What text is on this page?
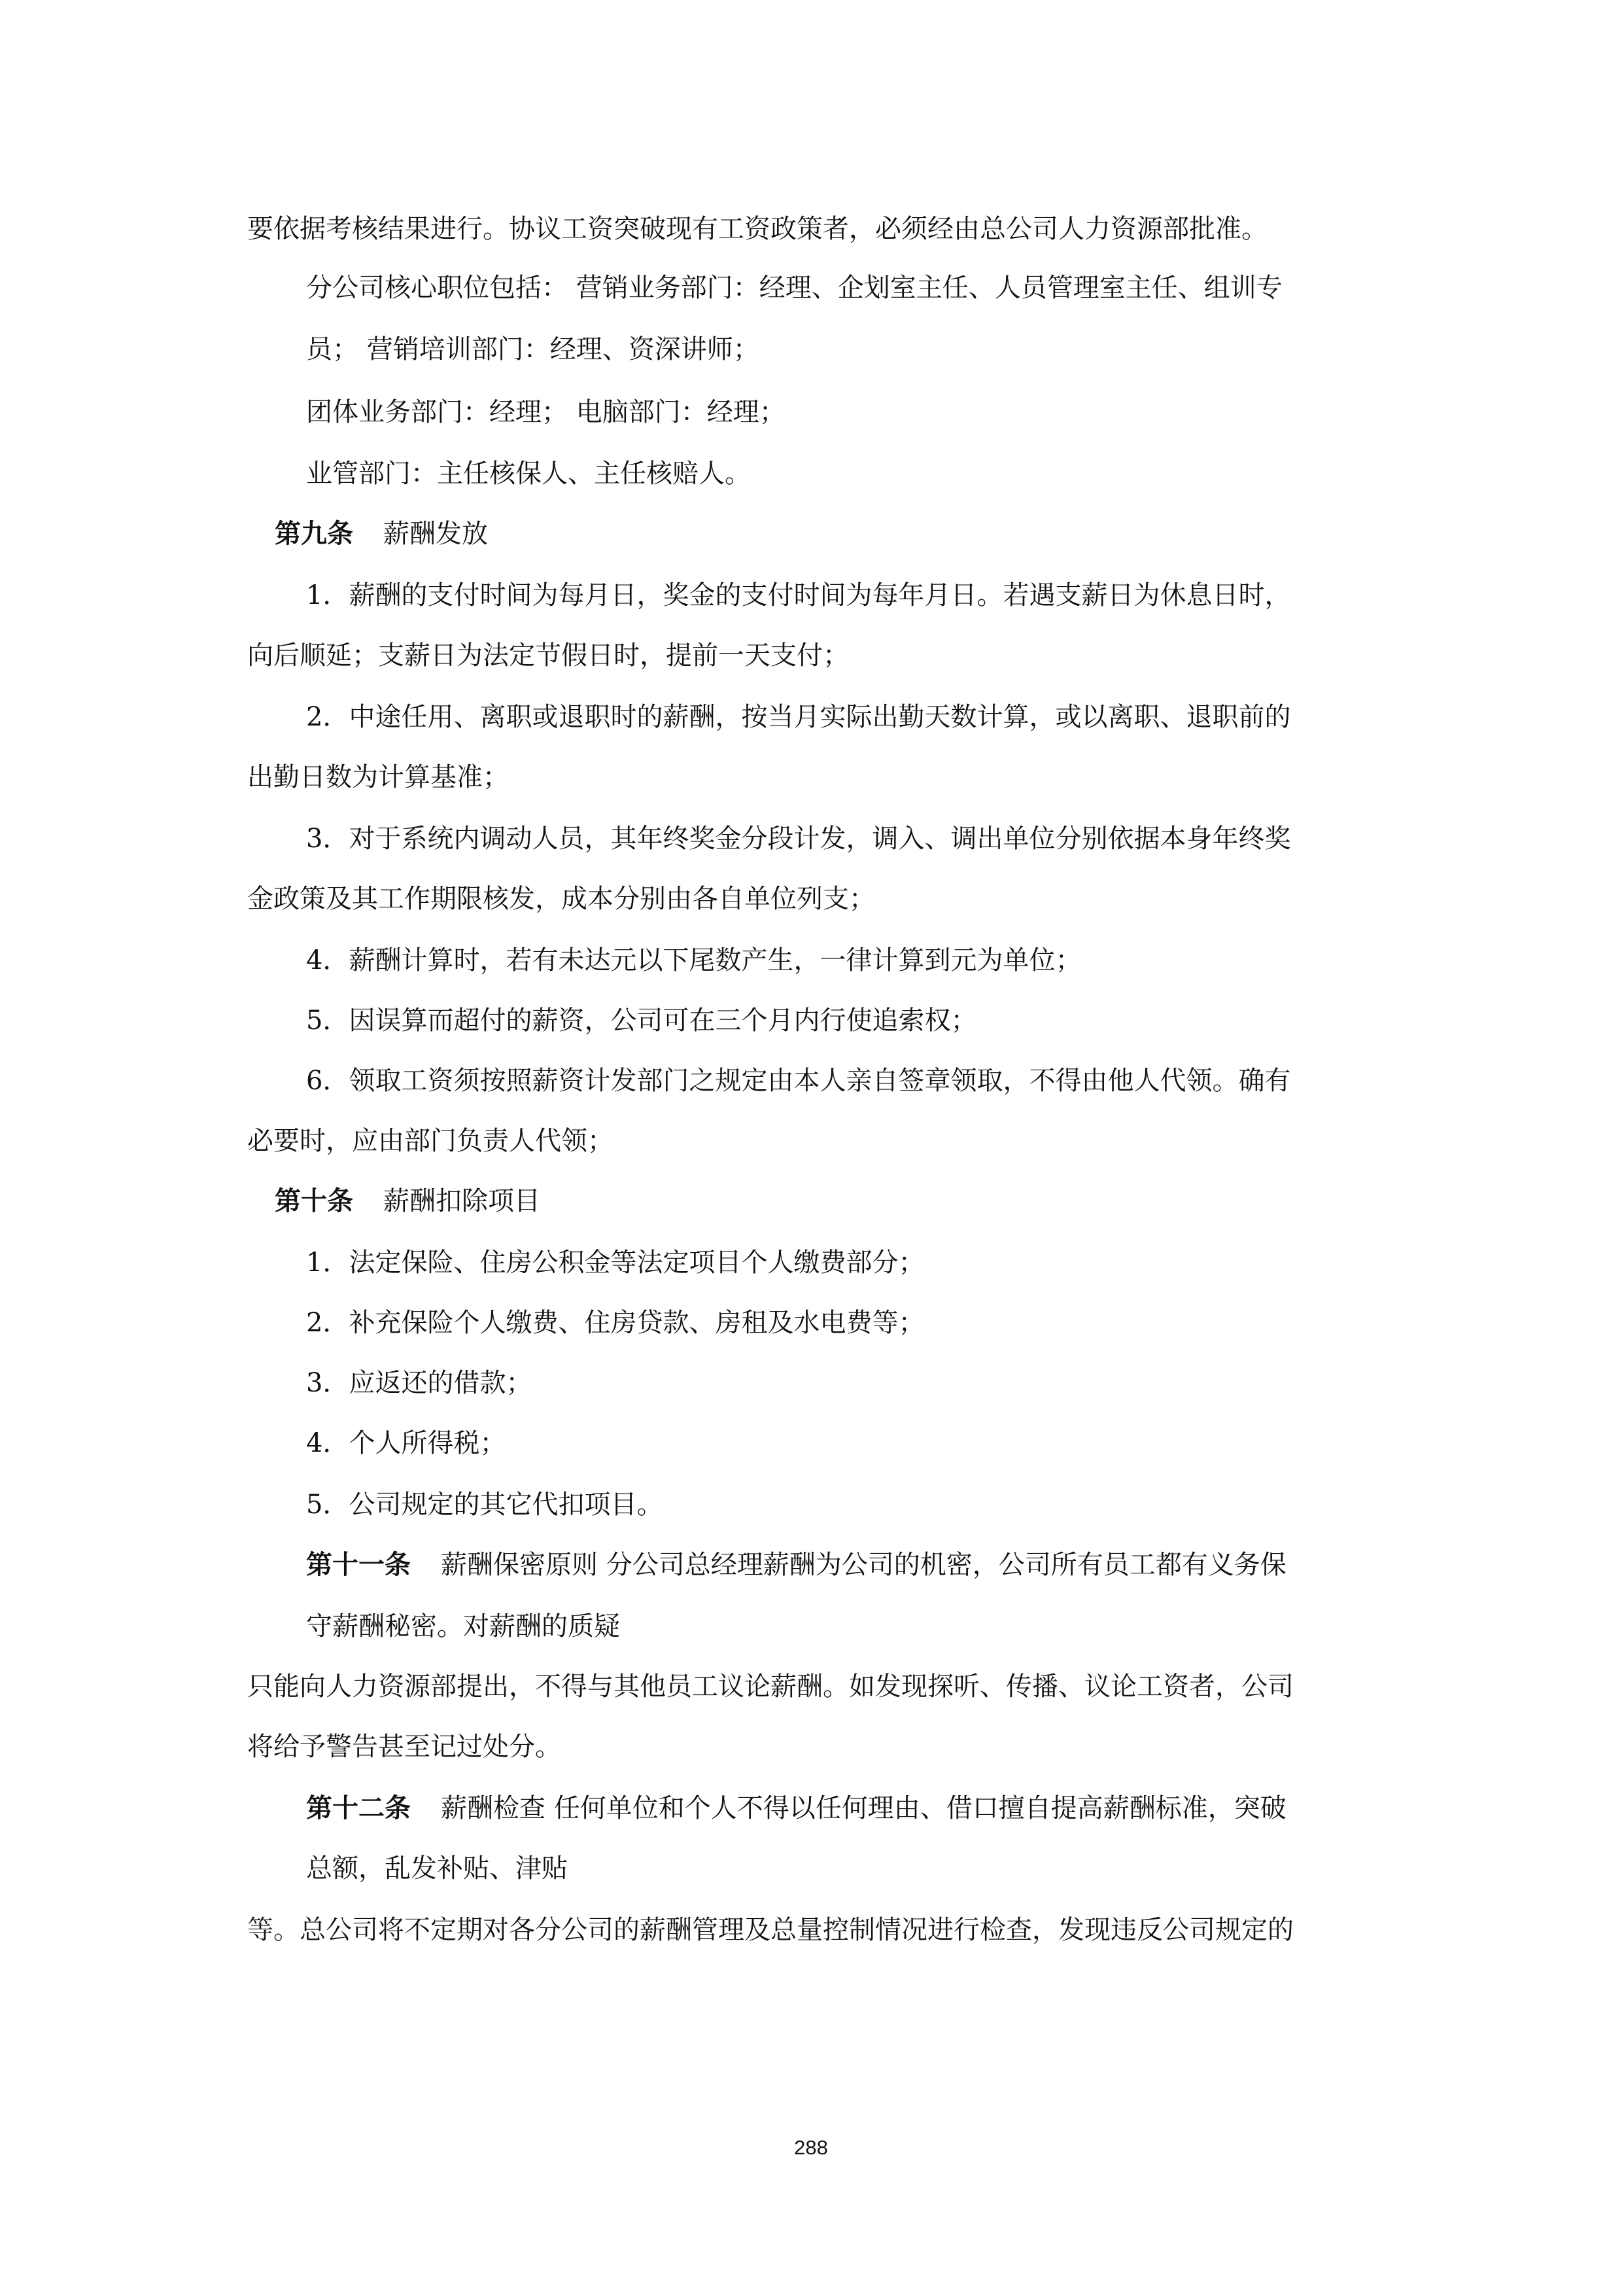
要依据考核结果进行。协议工资突破现有工资政策者，必须经由总公司人力资源部批准。

分公司核心职位包括： 营销业务部门：经理、企划室主任、人员管理室主任、组训专

员； 营销培训部门：经理、资深讲师；

团体业务部门：经理； 电脑部门：经理；

业管部门：主任核保人、主任核赔人。

第九条 薪酬发放

1．薪酬的支付时间为每月日，奖金的支付时间为每年月日。若遇支薪日为休息日时，

向后顺延；支薪日为法定节假日时，提前一天支付；

2．中途任用、离职或退职时的薪酬，按当月实际出勤天数计算，或以离职、退职前的

出勤日数为计算基准；

3．对于系统内调动人员，其年终奖金分段计发，调入、调出单位分别依据本身年终奖

金政策及其工作期限核发，成本分别由各自单位列支；

4．薪酬计算时，若有未达元以下尾数产生，一律计算到元为单位；

5．因误算而超付的薪资，公司可在三个月内行使追索权；

6．领取工资须按照薪资计发部门之规定由本人亲自签章领取，不得由他人代领。确有

必要时，应由部门负责人代领；

第十条 薪酬扣除项目

1．法定保险、住房公积金等法定项目个人缴费部分；

2．补充保险个人缴费、住房贷款、房租及水电费等；

3．应返还的借款；

4．个人所得税；

5．公司规定的其它代扣项目。

第十一条 薪酬保密原则 分公司总经理薪酬为公司的机密，公司所有员工都有义务保

守薪酬秘密。对薪酬的质疑

只能向人力资源部提出，不得与其他员工议论薪酬。如发现探听、传播、议论工资者，公司

将给予警告甚至记过处分。

第十二条 薪酬检查 任何单位和个人不得以任何理由、借口擅自提高薪酬标准，突破

总额，乱发补贴、津贴

等。总公司将不定期对各分公司的薪酬管理及总量控制情况进行检查，发现违反公司规定的

288
